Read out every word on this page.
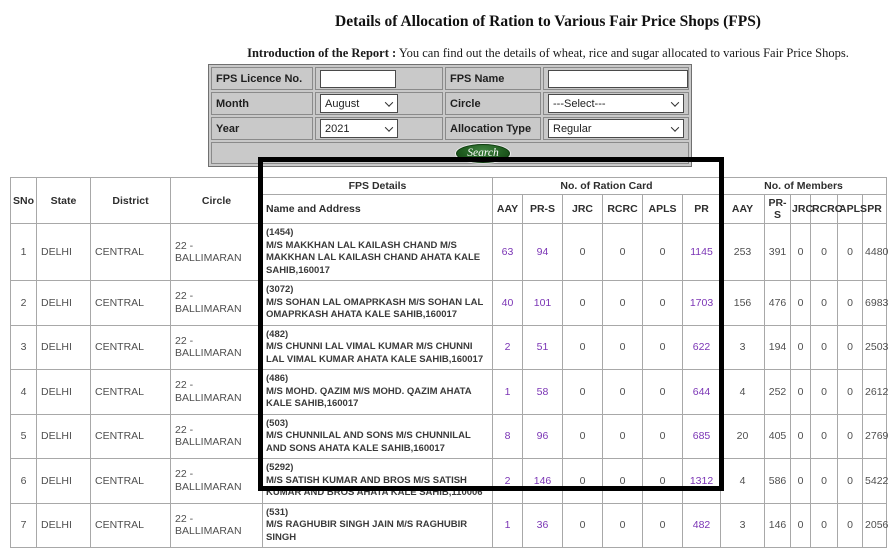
Details of Allocation of Ration to Various Fair Price Shops (FPS)
Introduction of the Report : You can find out the details of wheat, rice and sugar allocated to various Fair Price Shops.
FPS Licence No.	FPS Name
Month	August	Circle	---Select---
Year	2021	Allocation Type Regular
Search
SNo	State	District	Circle	FPS Details	No. of Ration Card						No. of Members					
				Name and Address	AAY	PR-S	JRC	RCRC	APLS	PR	AAY	PR-S	JRC	RCRC	APLS	PR
1	DELHI	CENTRAL	22 - BALLIMARAN	(1454)
M/S MAKKHAN LAL KAILASH CHAND M/S MAKKHAN LAL KAILASH CHAND AHATA KALE SAHIB,160017	63	94	0	0	0	1145	253	391	0	0	0	4480
2	DELHI	CENTRAL	22 - BALLIMARAN	(3072)
M/S SOHAN LAL OMAPRKASH M/S SOHAN LAL OMAPRKASH AHATA KALE SAHIB,160017	40	101	0	0	0	1703	156	476	0	0	0	6983
3	DELHI	CENTRAL	22 - BALLIMARAN	(482)
M/S CHUNNI LAL VIMAL KUMAR M/S CHUNNI LAL VIMAL KUMAR AHATA KALE SAHIB,160017	2	51	0	0	0	622	3	194	0	0	0	2503
4	DELHI	CENTRAL	22 - BALLIMARAN	(486)
M/S MOHD. QAZIM M/S MOHD. QAZIM AHATA KALE SAHIB,160017	1	58	0	0	0	644	4	252	0	0	0	2612
5	DELHI	CENTRAL	22 - BALLIMARAN	(503)
M/S CHUNNILAL AND SONS M/S CHUNNILAL AND SONS AHATA KALE SAHIB,160017	8	96	0	0	0	685	20	405	0	0	0	2769
6	DELHI	CENTRAL	22 - BALLIMARAN	(5292)
M/S SATISH KUMAR AND BROS M/S SATISH KUMAR AND BROS AHATA KALE SAHIB,110006	2	146	0	0	0	1312	4	586	0	0	0	5422
7	DELHI	CENTRAL	22 - BALLIMARAN	(531)
M/S RAGHUBIR SINGH JAIN M/S RAGHUBIR SINGH	1	36	0	0	0	482	3	146	0	0	0	2056
